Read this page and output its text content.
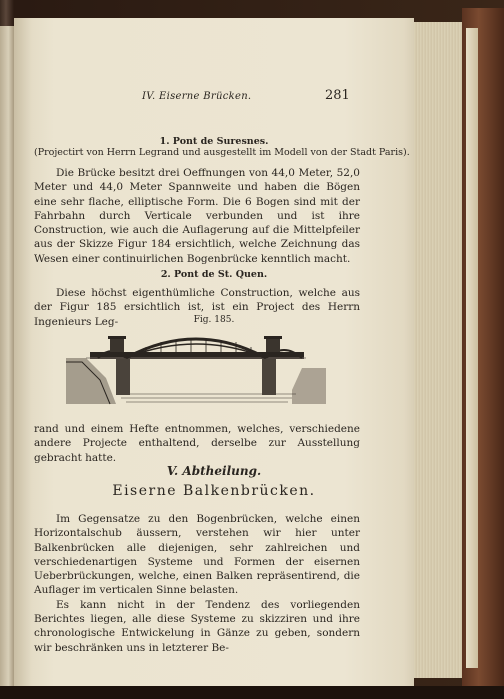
IV. Eiserne Brücken.	281
1. Pont de Suresnes.
(Projectirt von Herrn Legrand und ausgestellt im Modell von der Stadt Paris).
Die Brücke besitzt drei Oeffnungen von 44,0 Meter, 52,0 Meter und 44,0 Meter Spannweite und haben die Bögen eine sehr flache, elliptische Form. Die 6 Bogen sind mit der Fahrbahn durch Verticale verbunden und ist ihre Construction, wie auch die Auflagerung auf die Mittelpfeiler aus der Skizze Figur 184 ersichtlich, welche Zeichnung das Wesen einer continuirlichen Bogenbrücke kenntlich macht.
2. Pont de St. Quen.
Diese höchst eigenthümliche Construction, welche aus der Figur 185 ersichtlich ist, ist ein Project des Herrn Ingenieurs Leg-	Fig. 185.
rand und einem Hefte entnommen, welches, verschiedene andere Projecte enthaltend, derselbe zur Ausstellung gebracht hatte.
V. Abtheilung.
Eiserne Balkenbrücken.
Im Gegensatze zu den Bogenbrücken, welche einen Horizontalschub äussern, verstehen wir hier unter Balkenbrücken alle diejenigen, sehr zahlreichen und verschiedenartigen Systeme und Formen der eisernen Ueberbrückungen, welche, einen Balken repräsentirend, die Auflager im verticalen Sinne belasten.
Es kann nicht in der Tendenz des vorliegenden Berichtes liegen, alle diese Systeme zu skizziren und ihre chronologische Entwickelung in Gänze zu geben, sondern wir beschränken uns in letzterer Be-
